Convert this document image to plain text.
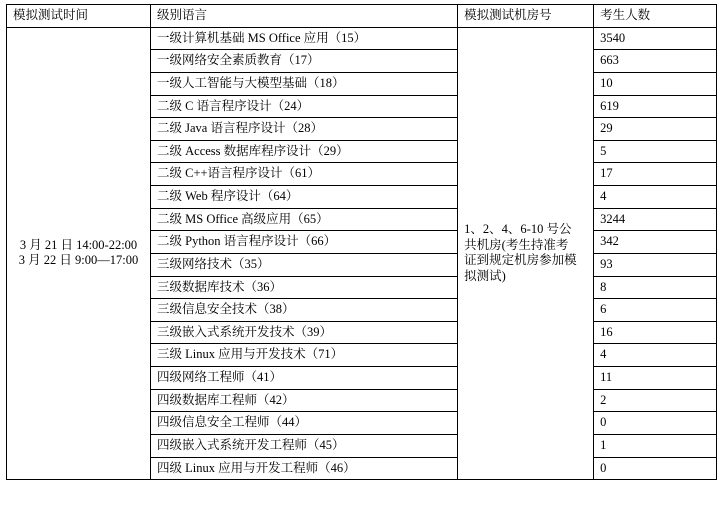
模拟测试时间	级别语言	模拟测试机房号	考生人数

3 月 21 日 14:00-22:00
3 月 22 日 9:00—17:00	一级计算机基础 MS Office 应用（15）	1、2、4、6-10 号公
共机房(考生持准考
证到规定机房参加模
拟测试)	3540
	一级网络安全素质教育（17）		663
	一级人工智能与大模型基础（18）		10
	二级 C 语言程序设计（24）		619
	二级 Java 语言程序设计（28）		29
	二级 Access 数据库程序设计（29）		5
	二级 C++语言程序设计（61）		17
	二级 Web 程序设计（64）		4
	二级 MS Office 高级应用（65）		3244
	二级 Python 语言程序设计（66）		342
	三级网络技术（35）		93
	三级数据库技术（36）		8
	三级信息安全技术（38）		6
	三级嵌入式系统开发技术（39）		16
	三级 Linux 应用与开发技术（71）		4
	四级网络工程师（41）		11
	四级数据库工程师（42）		2
	四级信息安全工程师（44）		0
	四级嵌入式系统开发工程师（45）		1
	四级 Linux 应用与开发工程师（46）		0
